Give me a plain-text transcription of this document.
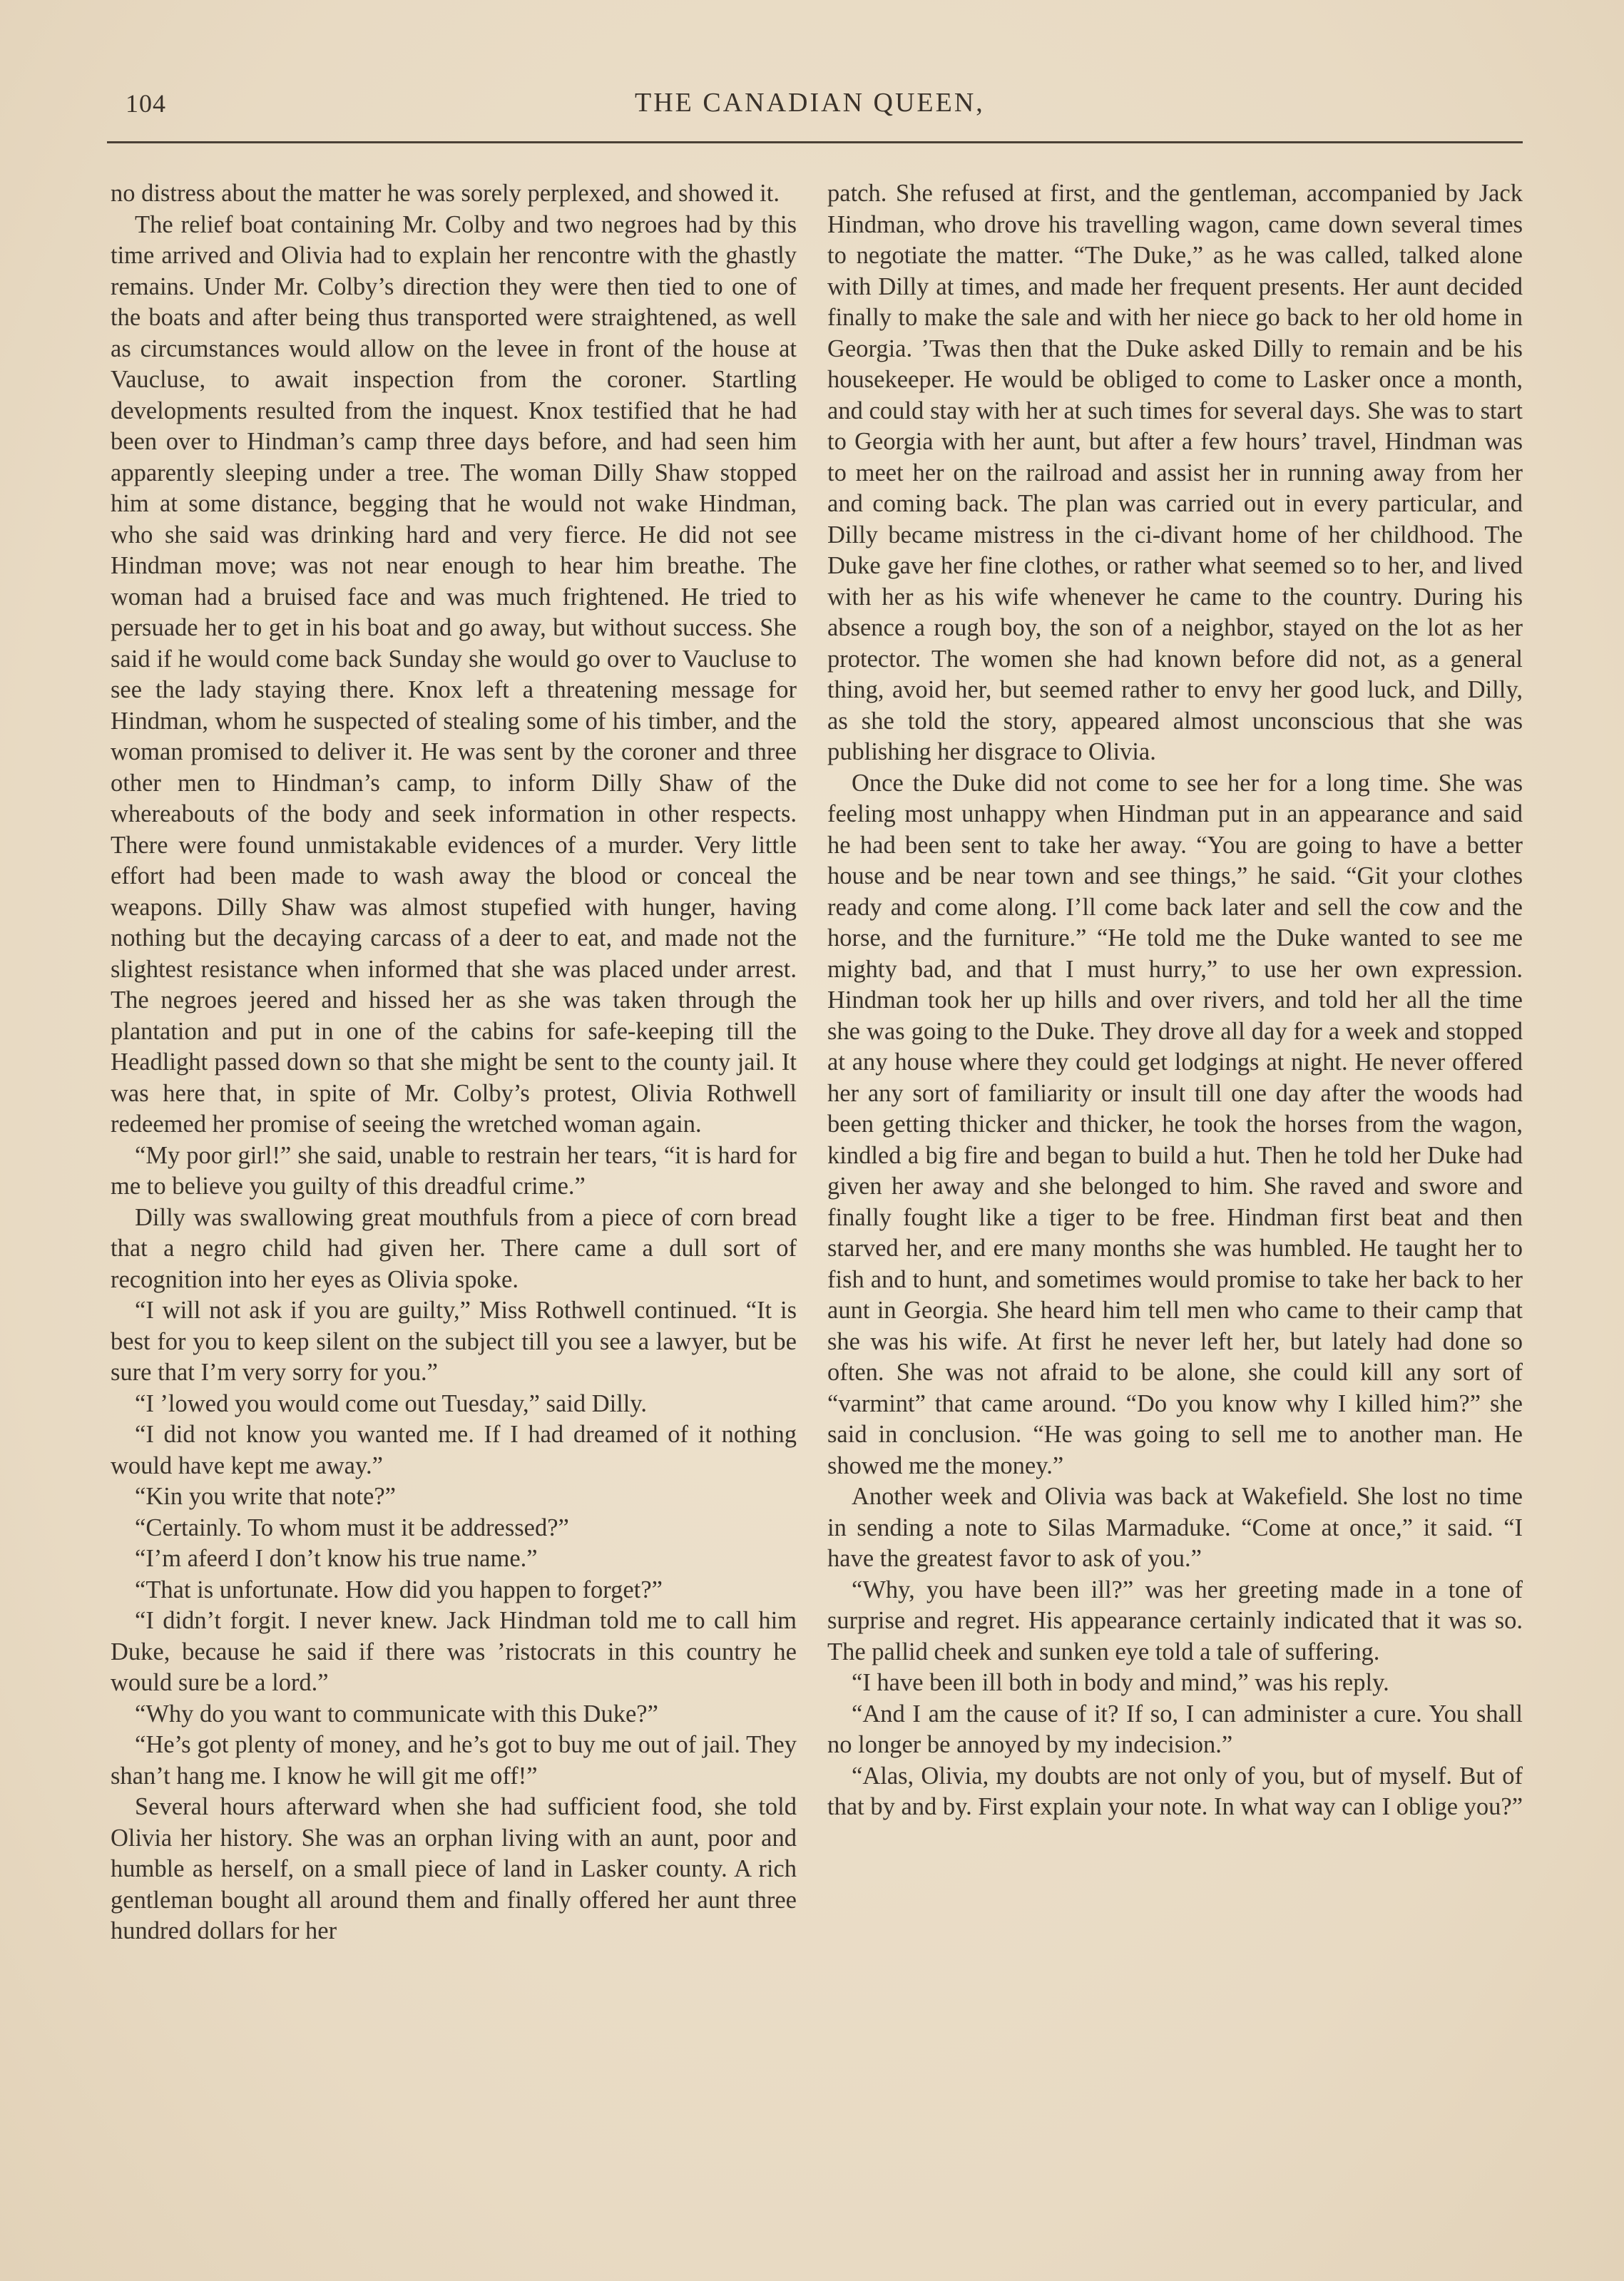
104	THE CANADIAN QUEEN,

no distress about the matter he was sorely perplexed, and showed it.

The relief boat containing Mr. Colby and two negroes had by this time arrived and Olivia had to explain her rencontre with the ghastly remains. Under Mr. Colby’s direction they were then tied to one of the boats and after being thus transported were straightened, as well as circumstances would allow on the levee in front of the house at Vaucluse, to await inspection from the coroner. Startling developments resulted from the inquest. Knox testified that he had been over to Hindman’s camp three days before, and had seen him apparently sleeping under a tree. The woman Dilly Shaw stopped him at some distance, begging that he would not wake Hindman, who she said was drinking hard and very fierce. He did not see Hindman move; was not near enough to hear him breathe. The woman had a bruised face and was much frightened. He tried to persuade her to get in his boat and go away, but without success. She said if he would come back Sunday she would go over to Vaucluse to see the lady staying there. Knox left a threatening message for Hindman, whom he suspected of stealing some of his timber, and the woman promised to deliver it. He was sent by the coroner and three other men to Hindman’s camp, to inform Dilly Shaw of the whereabouts of the body and seek information in other respects. There were found unmistakable evidences of a murder. Very little effort had been made to wash away the blood or conceal the weapons. Dilly Shaw was almost stupefied with hunger, having nothing but the decaying carcass of a deer to eat, and made not the slightest resistance when informed that she was placed under arrest. The negroes jeered and hissed her as she was taken through the plantation and put in one of the cabins for safe-keeping till the Headlight passed down so that she might be sent to the county jail. It was here that, in spite of Mr. Colby’s protest, Olivia Rothwell redeemed her promise of seeing the wretched woman again.

“My poor girl!” she said, unable to restrain her tears, “it is hard for me to believe you guilty of this dreadful crime.”

Dilly was swallowing great mouthfuls from a piece of corn bread that a negro child had given her. There came a dull sort of recognition into her eyes as Olivia spoke.

“I will not ask if you are guilty,” Miss Rothwell continued. “It is best for you to keep silent on the subject till you see a lawyer, but be sure that I’m very sorry for you.”

“I ’lowed you would come out Tuesday,” said Dilly.

“I did not know you wanted me. If I had dreamed of it nothing would have kept me away.”

“Kin you write that note?”

“Certainly. To whom must it be addressed?”

“I’m afeerd I don’t know his true name.”

“That is unfortunate. How did you happen to forget?”

“I didn’t forgit. I never knew. Jack Hindman told me to call him Duke, because he said if there was ’ristocrats in this country he would sure be a lord.”

“Why do you want to communicate with this Duke?”

“He’s got plenty of money, and he’s got to buy me out of jail. They shan’t hang me. I know he will git me off!”

Several hours afterward when she had sufficient food, she told Olivia her history. She was an orphan living with an aunt, poor and humble as herself, on a small piece of land in Lasker county. A rich gentleman bought all around them and finally offered her aunt three hundred dollars for her

patch. She refused at first, and the gentleman, accompanied by Jack Hindman, who drove his travelling wagon, came down several times to negotiate the matter. “The Duke,” as he was called, talked alone with Dilly at times, and made her frequent presents. Her aunt decided finally to make the sale and with her niece go back to her old home in Georgia. ’Twas then that the Duke asked Dilly to remain and be his housekeeper. He would be obliged to come to Lasker once a month, and could stay with her at such times for several days. She was to start to Georgia with her aunt, but after a few hours’ travel, Hindman was to meet her on the railroad and assist her in running away from her and coming back. The plan was carried out in every particular, and Dilly became mistress in the ci-divant home of her childhood. The Duke gave her fine clothes, or rather what seemed so to her, and lived with her as his wife whenever he came to the country. During his absence a rough boy, the son of a neighbor, stayed on the lot as her protector. The women she had known before did not, as a general thing, avoid her, but seemed rather to envy her good luck, and Dilly, as she told the story, appeared almost unconscious that she was publishing her disgrace to Olivia.

Once the Duke did not come to see her for a long time. She was feeling most unhappy when Hindman put in an appearance and said he had been sent to take her away. “You are going to have a better house and be near town and see things,” he said. “Git your clothes ready and come along. I’ll come back later and sell the cow and the horse, and the furniture.” “He told me the Duke wanted to see me mighty bad, and that I must hurry,” to use her own expression. Hindman took her up hills and over rivers, and told her all the time she was going to the Duke. They drove all day for a week and stopped at any house where they could get lodgings at night. He never offered her any sort of familiarity or insult till one day after the woods had been getting thicker and thicker, he took the horses from the wagon, kindled a big fire and began to build a hut. Then he told her Duke had given her away and she belonged to him. She raved and swore and finally fought like a tiger to be free. Hindman first beat and then starved her, and ere many months she was humbled. He taught her to fish and to hunt, and sometimes would promise to take her back to her aunt in Georgia. She heard him tell men who came to their camp that she was his wife. At first he never left her, but lately had done so often. She was not afraid to be alone, she could kill any sort of “varmint” that came around. “Do you know why I killed him?” she said in conclusion. “He was going to sell me to another man. He showed me the money.”

Another week and Olivia was back at Wakefield. She lost no time in sending a note to Silas Marmaduke. “Come at once,” it said. “I have the greatest favor to ask of you.”

“Why, you have been ill?” was her greeting made in a tone of surprise and regret. His appearance certainly indicated that it was so. The pallid cheek and sunken eye told a tale of suffering.

“I have been ill both in body and mind,” was his reply.

“And I am the cause of it? If so, I can administer a cure. You shall no longer be annoyed by my indecision.”

“Alas, Olivia, my doubts are not only of you, but of myself. But of that by and by. First explain your note. In what way can I oblige you?”
